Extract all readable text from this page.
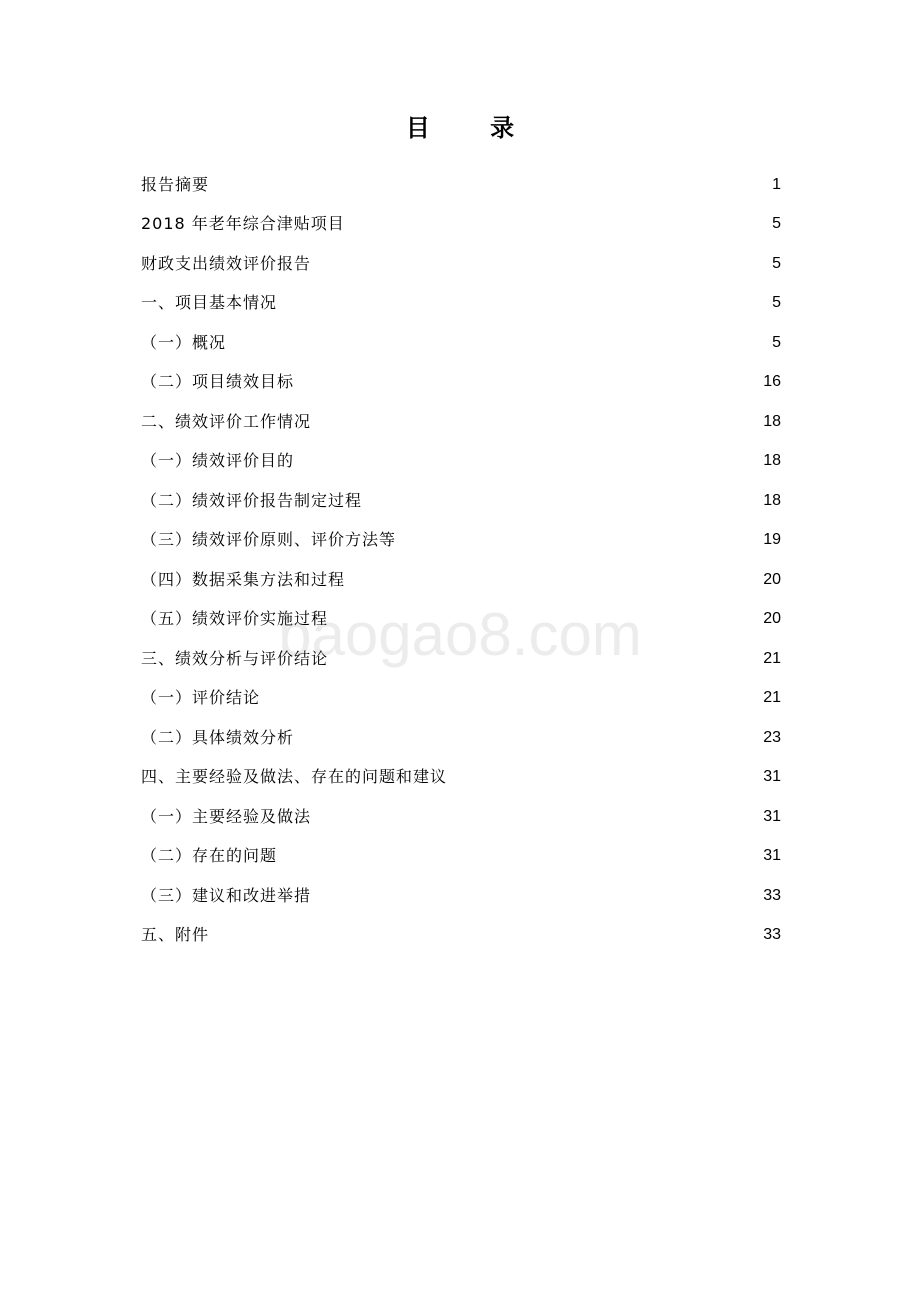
目 录
报告摘要	1
2018 年老年综合津贴项目	5
财政支出绩效评价报告	5
一、项目基本情况	5
（一）概况	5
（二）项目绩效目标	16
二、绩效评价工作情况	18
（一）绩效评价目的	18
（二）绩效评价报告制定过程	18
（三）绩效评价原则、评价方法等	19
（四）数据采集方法和过程	20
（五）绩效评价实施过程	20
三、绩效分析与评价结论	21
（一）评价结论	21
（二）具体绩效分析	23
四、主要经验及做法、存在的问题和建议	31
（一）主要经验及做法	31
（二）存在的问题	31
（三）建议和改进举措	33
五、附件	33
baogao8.com
